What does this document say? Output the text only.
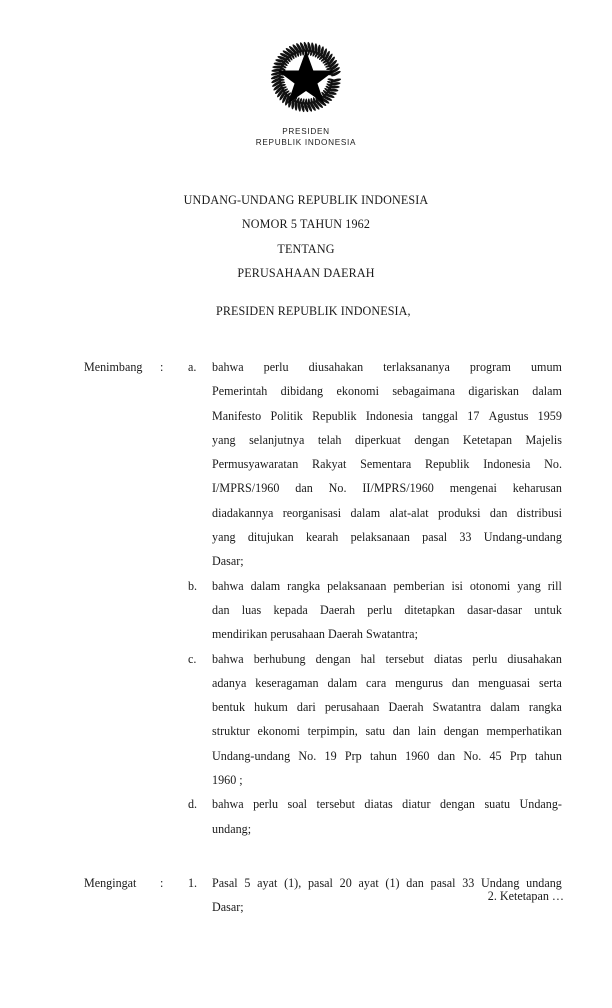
PRESIDEN
REPUBLIK INDONESIA
UNDANG-UNDANG REPUBLIK INDONESIA
NOMOR 5 TAHUN 1962
TENTANG
PERUSAHAAN DAERAH
PRESIDEN REPUBLIK INDONESIA,
Menimbang	: a.	bahwa perlu diusahakan terlaksananya program umum
Pemerintah dibidang ekonomi sebagaimana digariskan dalam
Manifesto Politik Republik Indonesia tanggal 17 Agustus 1959
yang selanjutnya telah diperkuat dengan Ketetapan Majelis
Permusyawaratan Rakyat Sementara Republik Indonesia No.
I/MPRS/1960 dan No. II/MPRS/1960 mengenai keharusan
diadakannya reorganisasi dalam alat-alat produksi dan distribusi
yang ditujukan kearah pelaksanaan pasal 33 Undang-undang
Dasar;
b.	bahwa dalam rangka pelaksanaan pemberian isi otonomi yang rill
dan luas kepada Daerah perlu ditetapkan dasar-dasar untuk
mendirikan perusahaan Daerah Swatantra;
c.	bahwa berhubung dengan hal tersebut diatas perlu diusahakan
adanya keseragaman dalam cara mengurus dan menguasai serta
bentuk hukum dari perusahaan Daerah Swatantra dalam rangka
struktur ekonomi terpimpin, satu dan lain dengan memperhatikan
Undang-undang No. 19 Prp tahun 1960 dan No. 45 Prp tahun
1960 ;
d.	bahwa perlu soal tersebut diatas diatur dengan suatu Undang-
undang;
Mengingat	: 1.	Pasal 5 ayat (1), pasal 20 ayat (1) dan pasal 33 Undang undang
Dasar;
2. Ketetapan …
